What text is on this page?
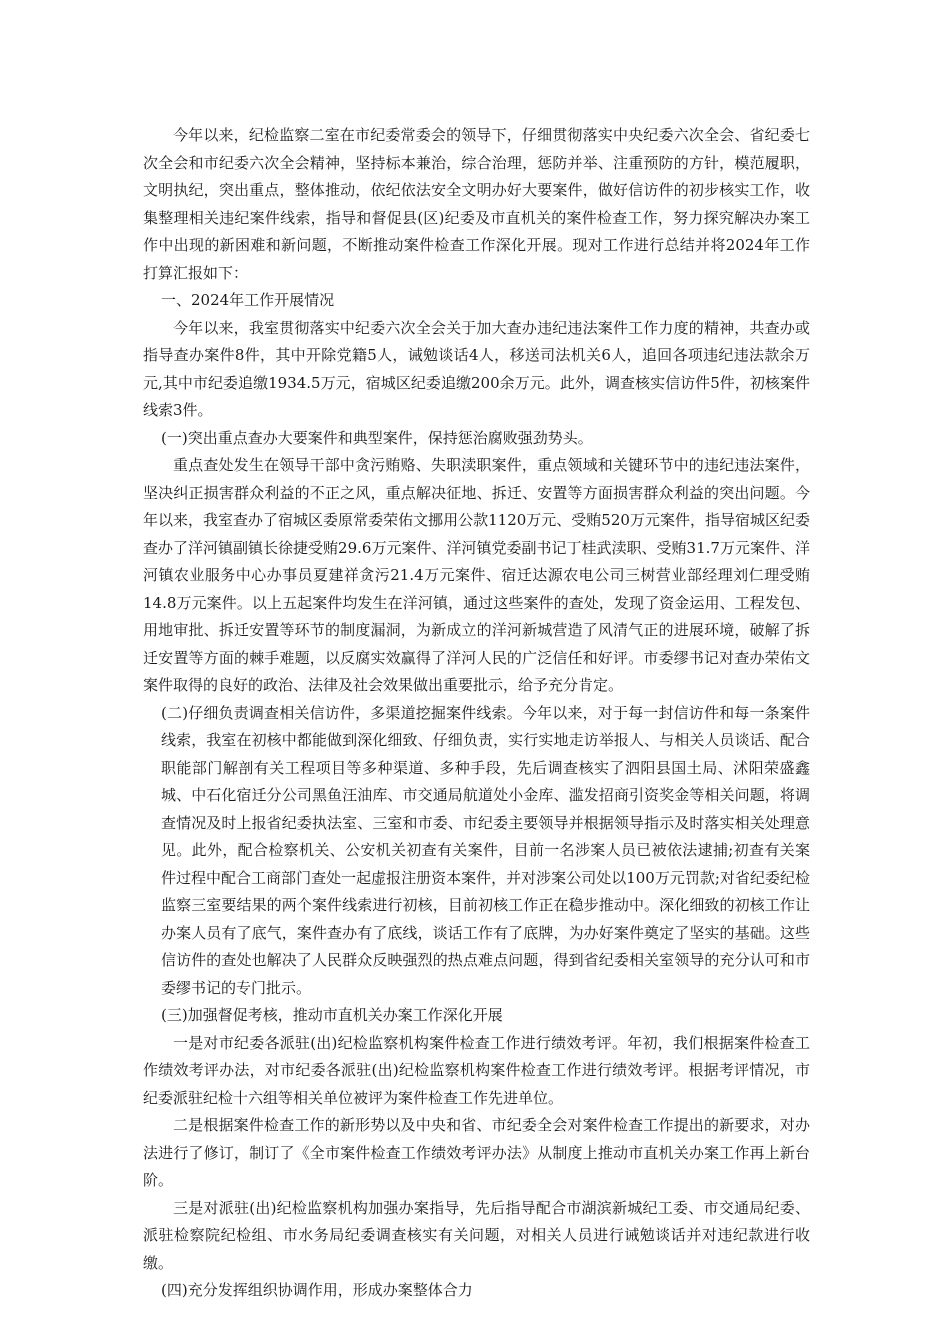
今年以来，纪检监察二室在市纪委常委会的领导下，仔细贯彻落实中央纪委六次全会、省纪委七次全会和市纪委六次全会精神，坚持标本兼治，综合治理，惩防并举、注重预防的方针，模范履职，文明执纪，突出重点，整体推动，依纪依法安全文明办好大要案件，做好信访件的初步核实工作，收集整理相关违纪案件线索，指导和督促县(区)纪委及市直机关的案件检查工作，努力探究解决办案工作中出现的新困难和新问题，不断推动案件检查工作深化开展。现对工作进行总结并将2024年工作打算汇报如下：

一、2024年工作开展情况

今年以来，我室贯彻落实中纪委六次全会关于加大查办违纪违法案件工作力度的精神，共查办或指导查办案件8件，其中开除党籍5人，诫勉谈话4人，移送司法机关6人，追回各项违纪违法款余万元,其中市纪委追缴1934.5万元，宿城区纪委追缴200余万元。此外，调查核实信访件5件，初核案件线索3件。

(一)突出重点查办大要案件和典型案件，保持惩治腐败强劲势头。

重点查处发生在领导干部中贪污贿赂、失职渎职案件，重点领域和关键环节中的违纪违法案件，坚决纠正损害群众利益的不正之风，重点解决征地、拆迁、安置等方面损害群众利益的突出问题。今年以来，我室查办了宿城区委原常委荣佑文挪用公款1120万元、受贿520万元案件，指导宿城区纪委查办了洋河镇副镇长徐捷受贿29.6万元案件、洋河镇党委副书记丁桂武渎职、受贿31.7万元案件、洋河镇农业服务中心办事员夏建祥贪污21.4万元案件、宿迁达源农电公司三树营业部经理刘仁理受贿14.8万元案件。以上五起案件均发生在洋河镇，通过这些案件的查处，发现了资金运用、工程发包、用地审批、拆迁安置等环节的制度漏洞，为新成立的洋河新城营造了风清气正的进展环境，破解了拆迁安置等方面的棘手难题，以反腐实效赢得了洋河人民的广泛信任和好评。市委缪书记对查办荣佑文案件取得的良好的政治、法律及社会效果做出重要批示，给予充分肯定。

(二)仔细负责调查相关信访件，多渠道挖掘案件线索。今年以来，对于每一封信访件和每一条案件线索，我室在初核中都能做到深化细致、仔细负责，实行实地走访举报人、与相关人员谈话、配合职能部门解剖有关工程项目等多种渠道、多种手段，先后调查核实了泗阳县国土局、沭阳荣盛鑫城、中石化宿迁分公司黑鱼汪油库、市交通局航道处小金库、滥发招商引资奖金等相关问题，将调查情况及时上报省纪委执法室、三室和市委、市纪委主要领导并根据领导指示及时落实相关处理意见。此外，配合检察机关、公安机关初查有关案件，目前一名涉案人员已被依法逮捕;初查有关案件过程中配合工商部门查处一起虚报注册资本案件，并对涉案公司处以100万元罚款;对省纪委纪检监察三室要结果的两个案件线索进行初核，目前初核工作正在稳步推动中。深化细致的初核工作让办案人员有了底气，案件查办有了底线，谈话工作有了底牌，为办好案件奠定了坚实的基础。这些信访件的查处也解决了人民群众反映强烈的热点难点问题，得到省纪委相关室领导的充分认可和市委缪书记的专门批示。

(三)加强督促考核，推动市直机关办案工作深化开展

一是对市纪委各派驻(出)纪检监察机构案件检查工作进行绩效考评。年初，我们根据案件检查工作绩效考评办法，对市纪委各派驻(出)纪检监察机构案件检查工作进行绩效考评。根据考评情况，市纪委派驻纪检十六组等相关单位被评为案件检查工作先进单位。

二是根据案件检查工作的新形势以及中央和省、市纪委全会对案件检查工作提出的新要求，对办法进行了修订，制订了《全市案件检查工作绩效考评办法》从制度上推动市直机关办案工作再上新台阶。

三是对派驻(出)纪检监察机构加强办案指导，先后指导配合市湖滨新城纪工委、市交通局纪委、派驻检察院纪检组、市水务局纪委调查核实有关问题，对相关人员进行诫勉谈话并对违纪款进行收缴。

(四)充分发挥组织协调作用，形成办案整体合力
